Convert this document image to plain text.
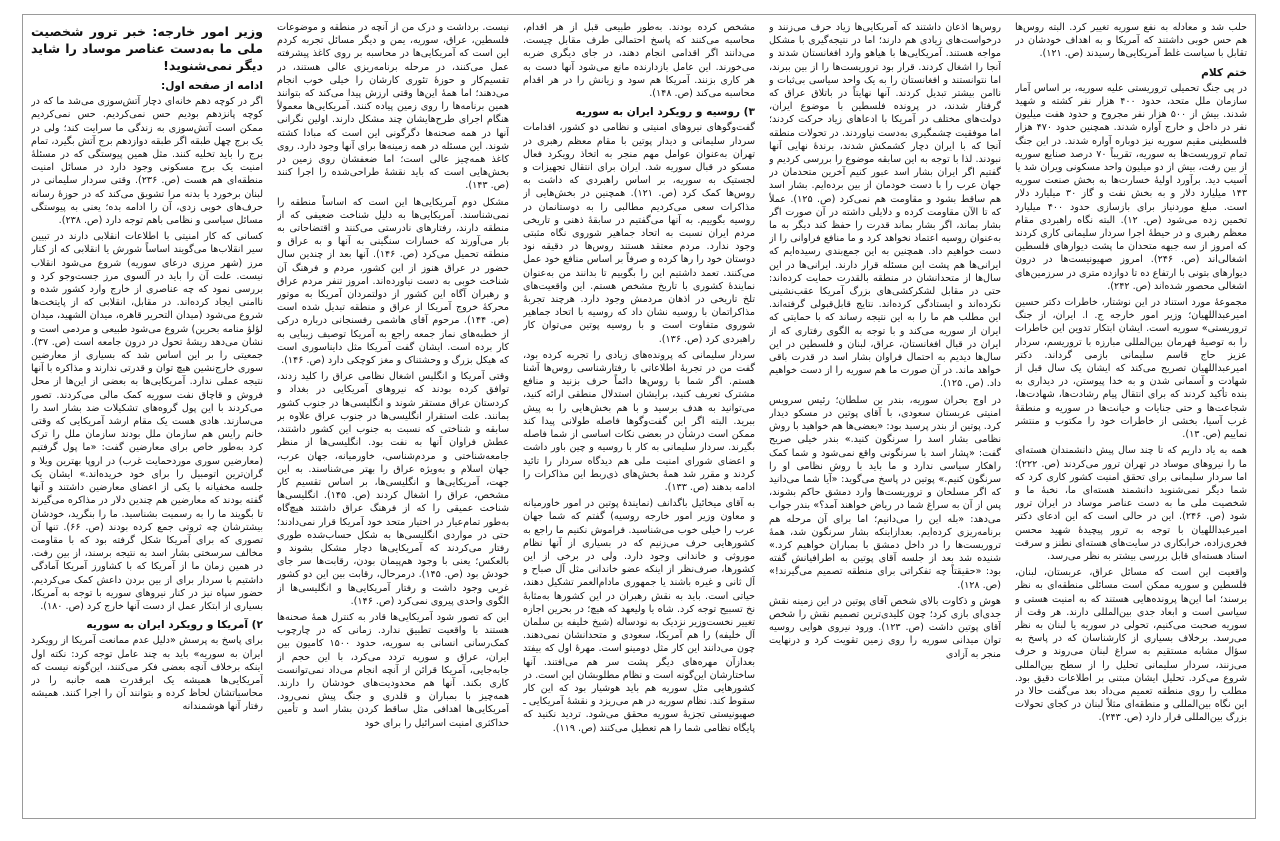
وزیر امور خارجه: خبر ترور شخصیت ملی ما به‌دست عناصر موساد را شاید دیگر نمی‌شنوید!
ادامه از صفحه اول:

اگر در کوچه دهم خانه‌ای دچار آتش‌سوزی می‌شد ما که در کوچه پانزدهم بودیم حس نمی‌کردیم. حس نمی‌کردیم ممکن است آتش‌سوزی به زندگی ما سرایت کند؛ ولی در یک برج چهل طبقه اگر طبقه دوازدهم برج آتش بگیرد، تمام برج را باید تخلیه کنند. مثل همین پیوستگی که در مسئلهٔ امنیت یک برج مسکونی وجود دارد در مسائل امنیت منطقه‌ای هم هست (ص. ۲۳۶). وقتی سردار سلیمانی در لبنان برخورد یا بدنه مرا تشویق می‌کند که در حوزهٔ رسانه حرف‌های خوبی زدی، آن را ادامه بده؛ یعنی به پیوستگی مسائل سیاسی و نظامی باهم توجه دارد (ص. ۲۳۸).

کسانی که کار امنیتی با اطلاعات انقلابی دارند در تبیین سیر انقلاب‌ها می‌گویند اساساً شورش یا انقلابی که از کنار مرز (شهر مرزی درعای سوریه) شروع می‌شود انقلاب نیست. علت آن را باید در آلسوی مرز جست‌وجو کرد و بررسی نمود که چه عناصری از خارج وارد کشور شده و ناامنی ایجاد کرده‌اند. در مقابل، انقلابی که از پایتخت‌ها شروع می‌شود (میدان التحریر قاهره، میدان الشهید، میدان لؤلؤ منامه بحرین) شروع می‌شود طبیعی و مردمی است و نشان می‌دهد ریشهٔ تحول در درون جامعه است (ص. ۳۷). جمعیتی را بر این اساس شد که بسیاری از معارضین سوری خارج‌نشین هیچ توان و قدرتی ندارند و مذاکره با آنها نتیجه عملی ندارد. آمریکایی‌ها به بعضی از این‌ها از محل فروش و قاچاق نفت سوریه کمک مالی می‌کردند. تصور می‌کردند با این پول گروه‌های تشکیلات ضد بشار اسد را می‌سازند. هادی هست یک مقام ارشد آمریکایی که وقتی خانم رایس هم سازمان ملل بودند سازمان ملل را ترک کرد به‌طور خاص برای معارضین گفت: «ما پول گرفتیم (معارضین سوری موردحمایت غرب) در اروپا بهترین ویلا و گران‌ترین اتومبیل را برای خود خریده‌اند.» ایشان یک جلسه مخفیانه با یکی از اعضای معارضین داشتند و آنها گفته بودند که معارضین هم چندین دلار در مذاکره می‌گیرند تا بگویند ما را به رسمیت بشناسید. ما را بنگرید، خودشان بیشترشان چه ثروتی جمع کرده بودند (ص. ۶۶). تنها آن تصوری که برای آمریکا شکل گرفته بود که با مقاومت مخالف سرسختی بشار اسد به نتیجه برسند، از بین رفت. در همین زمان ما از آمریکا که با کشاورز آمریکا آمادگی داشتیم با سردار برای از بین بردن داعش کمک می‌کردیم. حضور سپاه نیز در کنار نیروهای سوریه با توجه به آمریکا، بسیاری از ابتکار عمل از دست آنها خارج کرد (ص. ۱۸۰).

۲) آمریکا و رویکرد ایران به سوریه

برای پاسخ به پرسش «دلیل عدم ممانعت آمریکا از رویکرد ایران به سوریه» باید به چند عامل توجه کرد: نکته اول اینکه برخلاف آنچه بعضی فکر می‌کنند، این‌گونه نیست که آمریکایی‌ها همیشه یک ابرقدرت همه جانبه را در محاسباتشان لحاظ کرده و بتوانند آن را اجرا کنند. همیشه رفتار آنها هوشمندانه

نیست. برداشت و درک من از آنچه در منطقه و موضوعات فلسطین، عراق، سوریه، یمن و دیگر مسائل تجربه کردم این است که آمریکایی‌ها در محاسبه بر روی کاغذ پیشرفته عمل می‌کنند، در مرحله برنامه‌ریزی عالی هستند، در تقسیم‌کار و حوزهٔ تئوری کارشان را خیلی خوب انجام می‌دهند؛ اما همهٔ این‌ها وقتی ارزش پیدا می‌کند که بتوانند همین برنامه‌ها را روی زمین پیاده کنند. آمریکایی‌ها معمولاً هنگام اجرای طرح‌هایشان چند مشکل دارند. اولین نگرانی آنها در همه صحنه‌ها دگرگونی این است که مبادا کشته شوند. این مسئله در همه زمینه‌ها برای آنها وجود دارد. روی کاغذ همه‌چیز عالی است؛ اما ضعفشان روی زمین در بخش‌هایی است که باید نقشهٔ طراحی‌شده را اجرا کنند (ص. ۱۴۳).

مشکل دوم آمریکایی‌ها این است که اساساً منطقه را نمی‌شناسند. آمریکایی‌ها به دلیل شناخت ضعیفی که از منطقه دارند، رفتارهای نادرستی می‌کنند و اقتضاحاتی به بار می‌آورند که خسارات سنگینی به آنها و به عراق و منطقه تحمیل می‌کرد (ص. ۱۴۶). آنها بعد از چندین سال حضور در عراق هنوز از این کشور، مردم و فرهنگ آن شناخت خوبی به دست نیاورده‌اند. امروز تنفر مردم عراق و رهبران آگاه این کشور از دولتمردان آمریکا به موتور محرکهٔ خروج آمریکا از عراق و منطقه تبدیل شده است (ص. ۱۴۴). مرحوم آقای هاشمی رفسنجانی درباره درکی از خطبه‌های نماز جمعه راجع به آمریکا توصیف زیبایی به کار برده است. ایشان گفت آمریکا مثل دایناسوری است که هیکل بزرگ و وحشتناک و مغز کوچکی دارد (ص. ۱۴۶).

وقتی آمریکا و انگلیس اشغال نظامی عراق را کلید زدند، توافق کرده بودند که نیروهای آمریکایی در بغداد و کردستان عراق مستقر شوند و انگلیسی‌ها در جنوب کشور بمانند. علت استقرار انگلیسی‌ها در جنوب عراق علاوه بر سابقه و شناختی که نسبت به جنوب این کشور داشتند، عطش فراوان آنها به نفت بود. انگلیسی‌ها از منظر جامعه‌شناختی و مردم‌شناسی، خاورمیانه، جهان عرب، جهان اسلام و به‌ویژه عراق را بهتر می‌شناسند. به این جهت، آمریکایی‌ها و انگلیسی‌ها، بر اساس تقسیم کار مشخص، عراق را اشغال کردند (ص. ۱۴۵). انگلیسی‌ها شناخت عمیقی را که از فرهنگ عراق داشتند هیچ‌گاه به‌طور تمام‌عیار در اختیار متحد خود آمریکا قرار نمی‌دادند؛ حتی در مواردی انگلیسی‌ها به شکل حساب‌شده طوری رفتار می‌کردند که آمریکایی‌ها دچار مشکل بشوند و بالعکس؛ یعنی با وجود هم‌پیمان بودن، رقابت‌ها سر جای خودش بود (ص. ۱۴۵). درمرحال، رقابت بین این دو کشور غربی وجود داشت و رفتار آمریکایی‌ها و انگلیسی‌ها از الگوی واحدی پیروی نمی‌کرد (ص. ۱۴۶).

این که تصور شود آمریکایی‌ها قادر به کنترل همهٔ صحنه‌ها هستند با واقعیت تطبیق ندارد. زمانی که در چارچوب کمک‌رسانی انسانی به سوریه، حدود ۱۵۰۰ کامیون بین ایران، عراق و سوریه تردد می‌کرد، با این حجم از جابه‌جایی، آمریکا قرائن از آنچه انجام می‌داد نمی‌توانست کاری بکند. آنها هم محدودیت‌های خودشان را دارند. همه‌چیز با بمباران و قلدری و جنگ پیش نمی‌رود. آمریکایی‌ها اهدافی مثل ساقط کردن بشار اسد و تأمین حداکثری امنیت اسرائیل را برای خود

مشخص کرده بودند. به‌طور طبیعی قبل از هر اقدام، محاسبه می‌کنند که پاسخ احتمالی طرف مقابل چیست. می‌دانند اگر اقدامی انجام دهند، در جای دیگری ضربه می‌خورند. این عامل بازدارنده مانع می‌شود آنها دست به هر کاری بزنند. آمریکا هم سود و زیانش را در هر اقدام محاسبه می‌کند (ص. ۱۴۸).

۳) روسیه و رویکرد ایران به سوریه

گفت‌وگوهای نیروهای امنیتی و نظامی دو کشور، اقدامات سردار سلیمانی و دیدار پوتین با مقام معظم رهبری در تهران به‌عنوان عوامل مهم منجر به اتخاذ رویکرد فعال مسکو در قبال سوریه شد. ایران برای انتقال تجهیزات و لجستیک به سوریه، بر اساس راهبردی که داشت به روس‌ها کمک کرد (ص. ۱۲۱). همچنین در بخش‌هایی از مذاکرات سعی می‌کردیم مطالبی را به دوستانمان در روسیه بگوییم. به آنها می‌گفتیم در سابقهٔ ذهنی و تاریخی مردم ایران نسبت به اتحاد جماهیر شوروی نگاه مثبتی وجود ندارد. مردم معتقد هستند روس‌ها در دقیقه نود دوستان خود را رها کرده و صرفاً بر اساس منافع خود عمل می‌کنند. تعمد داشتیم این را بگوییم تا بدانند من به‌عنوان نمایندهٔ کشوری با تاریخ مشخص هستم. این واقعیت‌های تلخ تاریخی در اذهان مردمش وجود دارد. هرچند تجربهٔ مذاکراتمان با روسیه نشان داد که روسیه با اتحاد جماهیر شوروی متفاوت است و با روسیه پوتین می‌توان کار راهبردی کرد (ص. ۱۳۶).

سردار سلیمانی که پرونده‌های زیادی را تجربه کرده بود، گفت من در تجربهٔ اطلاعاتی با رفتارشناسی روس‌ها آشنا هستم. اگر شما با روس‌ها دائماً حرف بزنید و منافع مشترک تعریف کنید، برایشان استدلال منطقی ارائه کنید، می‌توانید به هدف برسید و با هم بخش‌هایی را به پیش ببرید. البته اگر این گفت‌وگوها فاصله طولانی پیدا کند ممکن است درشأن در بعضی نکات اساسی از شما فاصله بگیرند. سردار سلیمانی به کار با روسیه و چین باور داشت و اعضای شورای امنیت ملی هم دیدگاه سردار را تائید کردند و مقرر شد همهٔ بخش‌های ذی‌ربط این مذاکرات را ادامه بدهند (ص. ۱۳۳).

به آقای میخائیل باگدانف (نمایندهٔ پوتین در امور خاورمیانه و معاون وزیر امور خارجه روسیه) گفتم که شما جهان عرب را خیلی خوب می‌شناسید. فراموش نکنیم ما راجع به کشورهایی حرف می‌زنیم که در بسیاری از آنها نظام موروثی و خاندانی وجود دارد. ولی در برخی از این کشورها، صرف‌نظر از اینکه عضو خاندانی مثل آل صباح و آل ثانی و غیره باشند یا جمهوری مادام‌العمر تشکیل دهند، حیاتی است. باید به نقش رهبران در این کشورها به‌مثابهٔ نخ تسبیح توجه کرد. شاه یا ولیعهد که هیچ؛ در بحرین اجازه تغییر نخست‌وزیر نزدیک به نودساله (شیخ خلیفه بن سلمان آل خلیفه) را هم آمریکا، سعودی و متحدانشان نمی‌دهند. چون می‌دانند این کار مثل دومینو است. مهرهٔ اول که بیفتد بعدازآن مهره‌های دیگر پشت سر هم می‌افتند. آنها ساختارشان این‌گونه است و نظام مطلوبشان این است. در کشورهایی مثل سوریه هم باید هوشیار بود که این کار سقوط کند. نظام سوریه در هم می‌ریزد و نقشهٔ آمریکایی ـ صهیونیستی تجزیهٔ سوریه محقق می‌شود. تردید نکنید که پایگاه نظامی شما را هم تعطیل می‌کنند (ص. ۱۱۹).

روس‌ها اذعان داشتند که آمریکایی‌ها زیاد حرف می‌زنند و درخواست‌های زیادی هم دارند؛ اما در نتیجه‌گیری با مشکل مواجه هستند. آمریکایی‌ها با هیاهو وارد افغانستان شدند و آنجا را اشغال کردند. قرار بود تروریست‌ها را از بین ببرند، اما نتوانستند و افغانستان را به یک واحد سیاسی بی‌ثبات و ناامن بیشتر تبدیل کردند. آنها نهایتاً در باتلاق عراق که گرفتار شدند، در پرونده فلسطین با موضوع ایران، دولت‌های مختلف در آمریکا با ادعاهای زیاد حرکت کردند؛ اما موفقیت چشمگیری به‌دست نیاوردند. در تحولات منطقه آنجا که با ایران دچار کشمکش شدند، برندهٔ نهایی آنها نبودند. لذا با توجه به این سابقه موضوع را بررسی کردیم و گفتیم اگر ایران بشار اسد عبور کنیم آخرین متحدمان در جهان عرب را با دست خودمان از بین برده‌ایم. بشار اسد هم ساقط بشود و مقاومت هم نمی‌کرد (ص. ۱۲۵). عملاً که تا الآن مقاومت کرده و دلایلی داشته در آن صورت اگر بشار بماند، اگر بشار بماند قدرت را حفظ کند دیگر به ما به‌عنوان روسیه اعتماد نخواهد کرد و ما منافع فراوانی را از دست خواهیم داد. همچنین به این جمع‌بندی رسیده‌ایم که ایرانی‌ها هم پشت این مسئله قرار دارند. ایرانی‌ها در این سال‌ها از متحدانشان در منطقه بالقدرت حمایت کرده‌اند: حتی در مقابل لشکرکشی‌های بزرگ آمریکا عقب‌نشینی نکرده‌اند و ایستادگی کرده‌اند. نتایج قابل‌قبولی گرفته‌اند. این مطلب هم ما را به این نتیجه رساند که با حمایتی که ایران از سوریه می‌کند و با توجه به الگوی رفتاری که از ایران در قبال افغانستان، عراق، لبنان و فلسطین در این سال‌ها دیدیم به احتمال فراوان بشار اسد در قدرت باقی خواهد ماند. در آن صورت ما هم سوریه را از دست خواهیم داد. (ص. ۱۲۵).

در اوج بحران سوریه، بندر بن سلطان؛ رئیس سرویس امنیتی عربستان سعودی، با آقای پوتین در مسکو دیدار کرد. پوتین از بندر پرسید بود: «بعضی‌ها هم خواهید با روش نظامی بشار اسد را سرنگون کنید.» بندر خیلی صریح گفت: «پشار اسد با سرنگونی واقع نمی‌شود و شما کمک راهکار سیاسی ندارد و ما باید با روش نظامی او را سرنگون کنیم.» پوتین در پاسخ می‌گوید: «آیا شما می‌دانید که اگر مسلحان و تروریست‌ها وارد دمشق حاکم بشوند، پس از آن به سراغ شما در ریاض خواهند آمد؟» بندر جواب می‌دهد: «بله این را می‌دانیم؛ اما برای آن مرحله هم برنامه‌ریزی کرده‌ایم. بعدازاینکه بشار سرنگون شد، همهٔ تروریست‌ها را در داخل دمشق با بمباران خواهیم کرد.» شنیده شد بعد از جلسه آقای پوتین به اطرافیانش گفته بود: «حقیقتاً چه تفکراتی برای منطقه تصمیم می‌گیرند!» (ص. ۱۲۸).

هوش و ذکاوت بالای شخص آقای پوتین در این زمینه نقش جدی‌ای بازی کرد؛ چون کلیدی‌ترین تصمیم نقش را شخص آقای پوتین داشت (ص. ۱۲۳). ورود نیروی هوایی روسیه توان میدانی سوریه را روی زمین تقویت کرد و درنهایت منجر به آزادی

حلب شد و معادله به نفع سوریه تغییر کرد. البته روس‌ها هم حس خوبی داشتند که آمریکا و به اهداف خودشان در تقابل با سیاست غلط آمریکایی‌ها رسیدند (ص. ۱۲۱).

ختم کلام

در پی جنگ تحمیلی تروریستی علیه سوریه، بر اساس آمار سازمان ملل متحد، حدود ۴۰۰ هزار نفر کشته و شهید شدند. بیش از ۵۰۰ هزار نفر مجروح و حدود هفت میلیون نفر در داخل و خارج آواره شدند. همچنین حدود ۴۷۰ هزار فلسطینی مقیم سوریه نیز دوباره آواره شدند. در این جنگ تمام تروریست‌ها به سوریه، تقریباً ۷۰ درصد صنایع سوریه از بین رفت، بیش از دو میلیون واحد مسکونی ویران شد یا آسیب دید. برآورد اولیهٔ خسارت‌ها به بخش صنعت سوریه ۱۴۳ میلیارد دلار و به بخش نفت و گاز ۳۰ میلیارد دلار است. مبلغ موردنیاز برای بازسازی حدود ۴۰۰ میلیارد تخمین زده می‌شود (ص. ۱۲). البته نگاه راهبردی مقام معظم رهبری و در حیطهٔ اجرا سردار سلیمانی کاری کردند که امروز از سه جبهه متحدان ما پشت دیوارهای فلسطین اشغالی‌اند (ص. ۲۴۶). امروز صهیونیست‌ها در درون دیوارهای بتونی با ارتفاع ده تا دوازده متری در سرزمین‌های اشغالی محصور شده‌اند (ص. ۲۴۲).

مجموعهٔ مورد استناد در این نوشتار، خاطرات دکتر حسین امیرعبداللهیان؛ وزیر امور خارجه ج. ا. ایران، از جنگ تروریستی» سوریه است. ایشان ابتکار تدوین این خاطرات را به توصیهٔ قهرمان بین‌المللی مبارزه با تروریسم، سردار عزیز حاج قاسم سلیمانی بازمی گرداند. دکتر امیرعبداللهیان تصریح می‌کند که ایشان یک سال قبل از شهادت و آسمانی شدن و به خدا پیوستن، در دیداری به بنده تأکید کردند که برای انتقال پیام رشادت‌ها، شهادت‌ها، شجاعت‌ها و حتی جنایات و خیانت‌ها در سوریه و منطقهٔ غرب آسیا، بخشی از خاطرات خود را مکتوب و منتشر نماییم (ص. ۱۳).

همه به یاد داریم که تا چند سال پیش دانشمندان هسته‌ای ما را نیروهای موساد در تهران ترور می‌کردند (ص. ۲۲۲)؛ اما سردار سلیمانی برای تحقق امنیت کشور کاری کرد که شما دیگر نمی‌شنوید دانشمند هسته‌ای ما، نخبهٔ ما و شخصیت ملی ما به دست عناصر موساد در ایران ترور شود (ص. ۲۴۶). این در حالی است که این ادعای دکتر امیرعبداللهیان با توجه به ترور پیچیدهٔ شهید محسن فخری‌زاده، خرابکاری در سایت‌های هسته‌ای نطنز و سرقت اسناد هسته‌ای قابل بررسی بیشتر به نظر می‌رسد.

واقعیت این است که مسائل عراق، عربستان، لبنان، فلسطین و سوریه ممکن است مسائلی منطقه‌ای به نظر برسند؛ اما این‌ها پرونده‌هایی هستند که به امنیت هستی و سیاسی است و ابعاد جدی بین‌المللی دارند. هر وقت از سوریه صحبت می‌کنیم، تحولی در سوریه یا لبنان به نظر می‌رسد. برخلاف بسیاری از کارشناسان که در پاسخ به سؤال مشابه مستقیم به سراغ لبنان می‌روند و حرف می‌زنند، سردار سلیمانی تحلیل را از سطح بین‌المللی شروع می‌کرد. تحلیل ایشان مبتنی بر اطلاعات دقیق بود. مطلب را روی منطقه تعمیم می‌داد بعد می‌گفت حالا در این نگاه بین‌المللی و منطقه‌ای مثلاً لبنان در کجای تحولات بزرگ بین‌المللی قرار دارد (ص. ۲۴۳).
